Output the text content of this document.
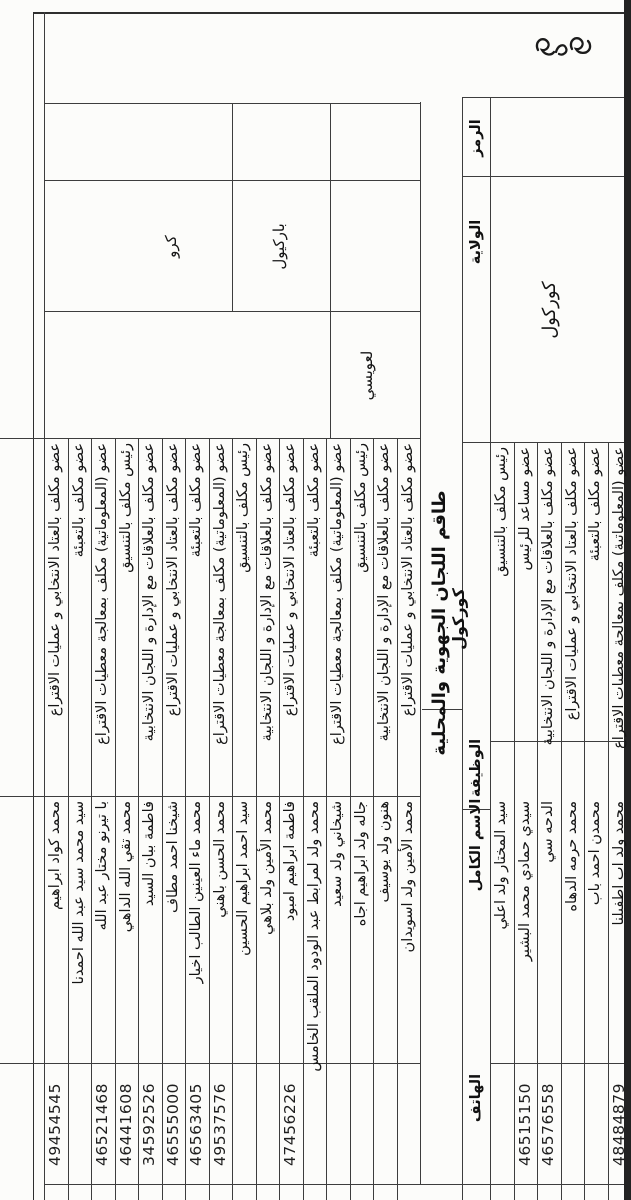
طاقم اللجان الجهوية والمحلية كوركول
الرمز
الولاية
الوظيفة
الاسم الكامل
الهاتف
كرو	باركيول
لعويسي
كوركول
عضو مكلف بالعتاد الانتخابي و عمليات الاقتراع
محمد كواد ابراهيم
49454545
عضو مكلف بالتعبئة
سيد محمد سيد عبد الله احمدنا
عضو (المعلوماتية) مكلف بمعالجة معطيات الاقتراع
با تيرنو مختار عبد الله
46521468
رئيس مكلف بالتنسيق
محمد تقي الله الداهي
46441608
عضو مكلف بالعلاقات مع الإدارة و اللجان الانتخابية
فاطمة ببان السيد
34592526
عضو مكلف بالعتاد الانتخابي و عمليات الاقتراع
شيخنا احمد مطاف
46555000
عضو مكلف بالتعبئة
محمد ماء العينين الطالب اخيار
46563405
عضو (المعلوماتية) مكلف بمعالجة معطيات الاقتراع
محمد الحسن باهني
49537576
رئيس مكلف بالتنسيق
سيد احمد ابراهيم الحسين
عضو مكلف بالعلاقات مع الإدارة و اللجان الانتخابية
محمد الأمين ولد بلاهي
عضو مكلف بالعتاد الانتخابي و عمليات الاقتراع
فاطمة ابراهيم امبود
47456226
عضو مكلف بالتعبئة
محمد ولد لمرابط عبد الودود الملقب الخامس
عضو (المعلوماتية) مكلف بمعالجة معطيات الاقتراع
شيخاني ولد سعيد
رئيس مكلف بالتنسيق
جاله ولد ابراهيم اجاه
عضو مكلف بالعلاقات مع الإدارة و اللجان الانتخابية
هنون ولد يوسيف
عضو مكلف بالعتاد الانتخابي و عمليات الاقتراع
محمد الأمين ولد اسويدان
رئيس مكلف بالتنسيق
سيد المختار ولد اعلي
عضو مساعد للرئيس
سيدي حمادي محمد البشير
46515150
عضو مكلف بالعلاقات مع الإدارة و اللجان الانتخابية
الدحه سي
46576558
عضو مكلف بالعتاد الانتخابي و عمليات الاقتراع
محمد حرمه الدهاه
عضو مكلف بالتعبئة
محمدن احمد باب
عضو (المعلوماتية) مكلف بمعالجة معطيات الاقتراع
محمد ولد اب اطفيلنا
48484879
